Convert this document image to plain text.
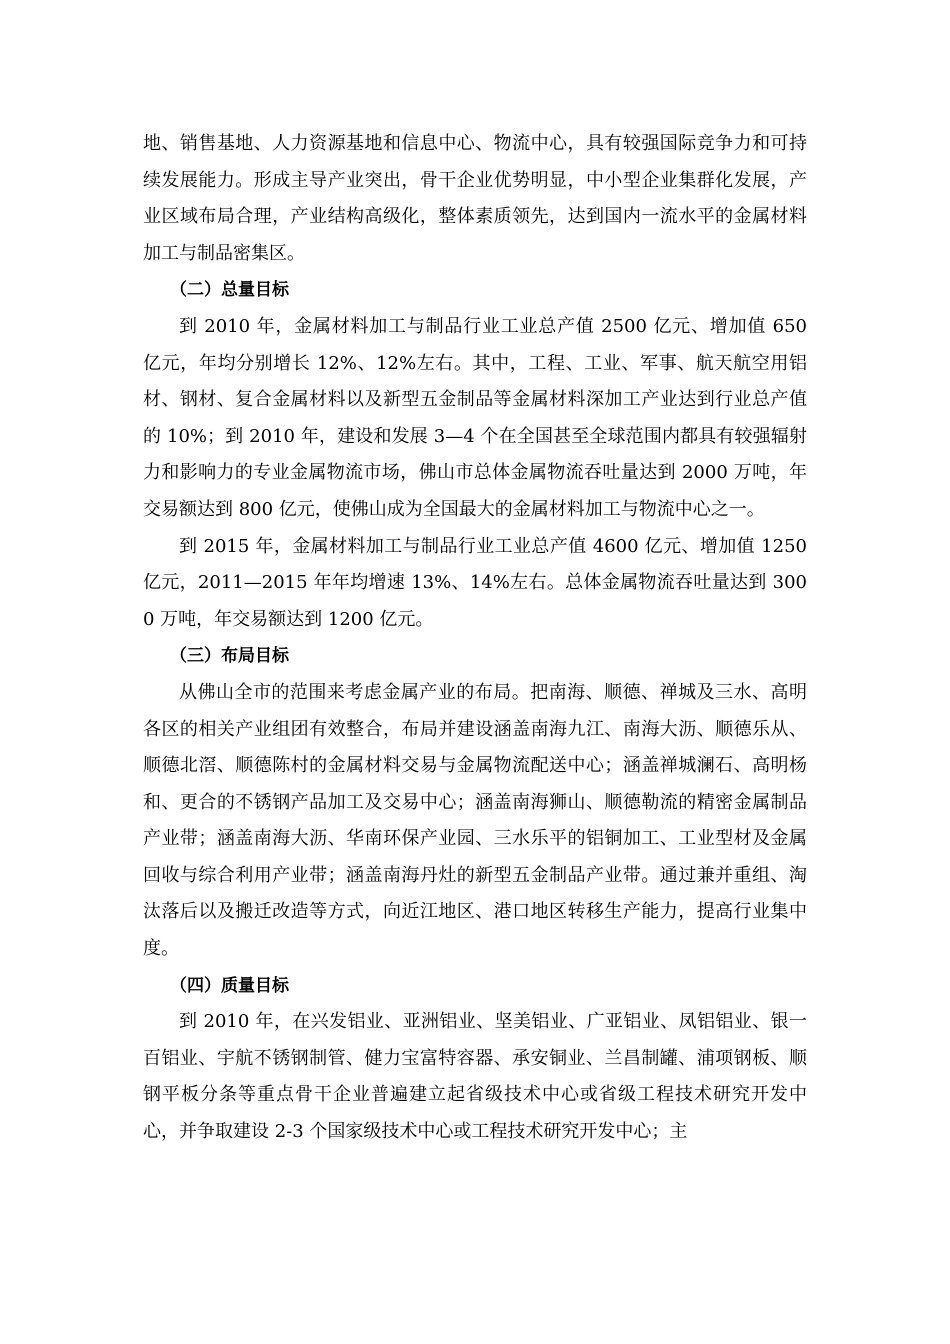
地、销售基地、人力资源基地和信息中心、物流中心，具有较强国际竞争力和可持续发展能力。形成主导产业突出，骨干企业优势明显，中小型企业集群化发展，产业区域布局合理，产业结构高级化，整体素质领先，达到国内一流水平的金属材料加工与制品密集区。

（二）总量目标

到 2010 年，金属材料加工与制品行业工业总产值 2500 亿元、增加值 650 亿元，年均分别增长 12%、12%左右。其中，工程、工业、军事、航天航空用铝材、钢材、复合金属材料以及新型五金制品等金属材料深加工产业达到行业总产值的 10%；到 2010 年，建设和发展 3—4 个在全国甚至全球范围内都具有较强辐射力和影响力的专业金属物流市场，佛山市总体金属物流吞吐量达到 2000 万吨，年交易额达到 800 亿元，使佛山成为全国最大的金属材料加工与物流中心之一。

到 2015 年，金属材料加工与制品行业工业总产值 4600 亿元、增加值 1250 亿元，2011—2015 年年均增速 13%、14%左右。总体金属物流吞吐量达到 3000 万吨，年交易额达到 1200 亿元。

（三）布局目标

从佛山全市的范围来考虑金属产业的布局。把南海、顺德、禅城及三水、高明各区的相关产业组团有效整合，布局并建设涵盖南海九江、南海大沥、顺德乐从、顺德北滘、顺德陈村的金属材料交易与金属物流配送中心；涵盖禅城澜石、高明杨和、更合的不锈钢产品加工及交易中心；涵盖南海狮山、顺德勒流的精密金属制品产业带；涵盖南海大沥、华南环保产业园、三水乐平的铝铜加工、工业型材及金属回收与综合利用产业带；涵盖南海丹灶的新型五金制品产业带。通过兼并重组、淘汰落后以及搬迁改造等方式，向近江地区、港口地区转移生产能力，提高行业集中度。

（四）质量目标

到 2010 年，在兴发铝业、亚洲铝业、坚美铝业、广亚铝业、凤铝铝业、银一百铝业、宇航不锈钢制管、健力宝富特容器、承安铜业、兰昌制罐、浦项钢板、顺钢平板分条等重点骨干企业普遍建立起省级技术中心或省级工程技术研究开发中心，并争取建设 2-3 个国家级技术中心或工程技术研究开发中心；主
